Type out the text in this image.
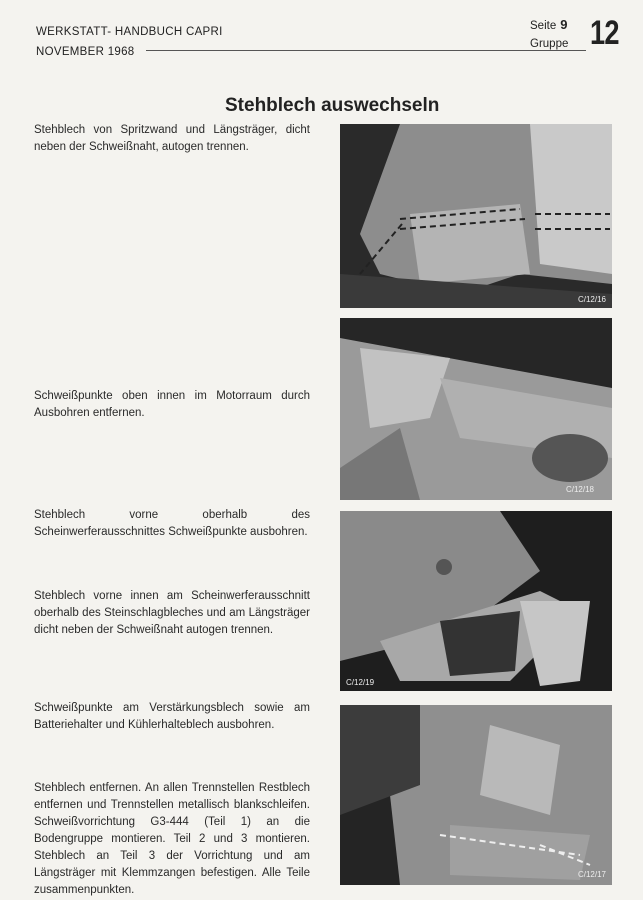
WERKSTATT- HANDBUCH CAPRI
NOVEMBER 1968
Seite 9
Gruppe 12
Stehblech auswechseln
Stehblech von Spritzwand und Längsträger, dicht neben der Schweißnaht, autogen trennen.
Schweißpunkte oben innen im Motorraum durch Ausbohren entfernen.
Stehblech vorne oberhalb des Scheinwerferausschnittes Schweißpunkte ausbohren.
Stehblech vorne innen am Scheinwerferausschnitt oberhalb des Steinschlagbleches und am Längsträger dicht neben der Schweißnaht autogen trennen.
Schweißpunkte am Verstärkungsblech sowie am Batteriehalter und Kühlerhalteblech ausbohren.
Stehblech entfernen. An allen Trennstellen Restblech entfernen und Trennstellen metallisch blankschleifen. Schweißvorrichtung G3-444 (Teil 1) an die Bodengruppe montieren. Teil 2 und 3 montieren. Stehblech an Teil 3 der Vorrichtung und am Längsträger mit Klemmzangen befestigen. Alle Teile zusammenpunkten.
C/12/16
C/12/18
C/12/19
C/12/17
